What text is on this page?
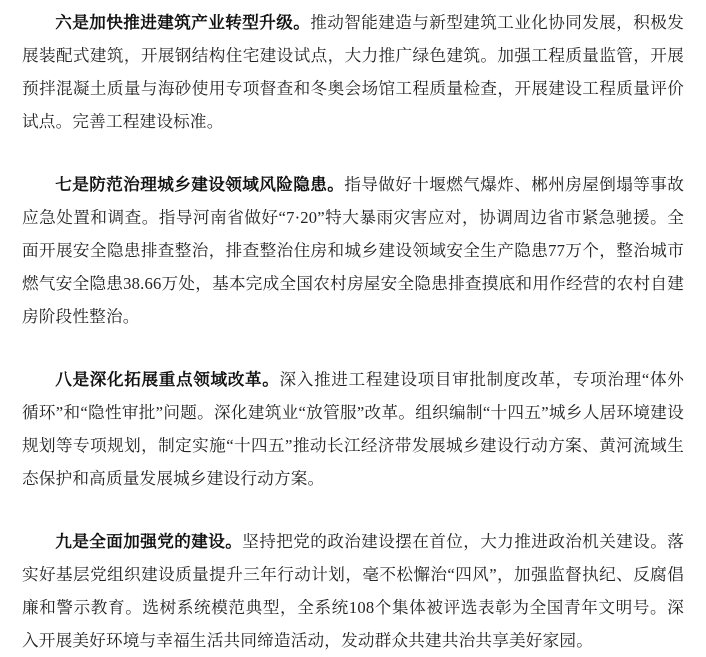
六是加快推进建筑产业转型升级。推动智能建造与新型建筑工业化协同发展，积极发展装配式建筑，开展钢结构住宅建设试点，大力推广绿色建筑。加强工程质量监管，开展预拌混凝土质量与海砂使用专项督查和冬奥会场馆工程质量检查，开展建设工程质量评价试点。完善工程建设标准。

七是防范治理城乡建设领域风险隐患。指导做好十堰燃气爆炸、郴州房屋倒塌等事故应急处置和调查。指导河南省做好“7·20”特大暴雨灾害应对，协调周边省市紧急驰援。全面开展安全隐患排查整治，排查整治住房和城乡建设领域安全生产隐患77万个，整治城市燃气安全隐患38.66万处，基本完成全国农村房屋安全隐患排查摸底和用作经营的农村自建房阶段性整治。

八是深化拓展重点领域改革。深入推进工程建设项目审批制度改革，专项治理“体外循环”和“隐性审批”问题。深化建筑业“放管服”改革。组织编制“十四五”城乡人居环境建设规划等专项规划，制定实施“十四五”推动长江经济带发展城乡建设行动方案、黄河流域生态保护和高质量发展城乡建设行动方案。

九是全面加强党的建设。坚持把党的政治建设摆在首位，大力推进政治机关建设。落实好基层党组织建设质量提升三年行动计划，毫不松懈治“四风”，加强监督执纪、反腐倡廉和警示教育。选树系统模范典型，全系统108个集体被评选表彰为全国青年文明号。深入开展美好环境与幸福生活共同缔造活动，发动群众共建共治共享美好家园。
